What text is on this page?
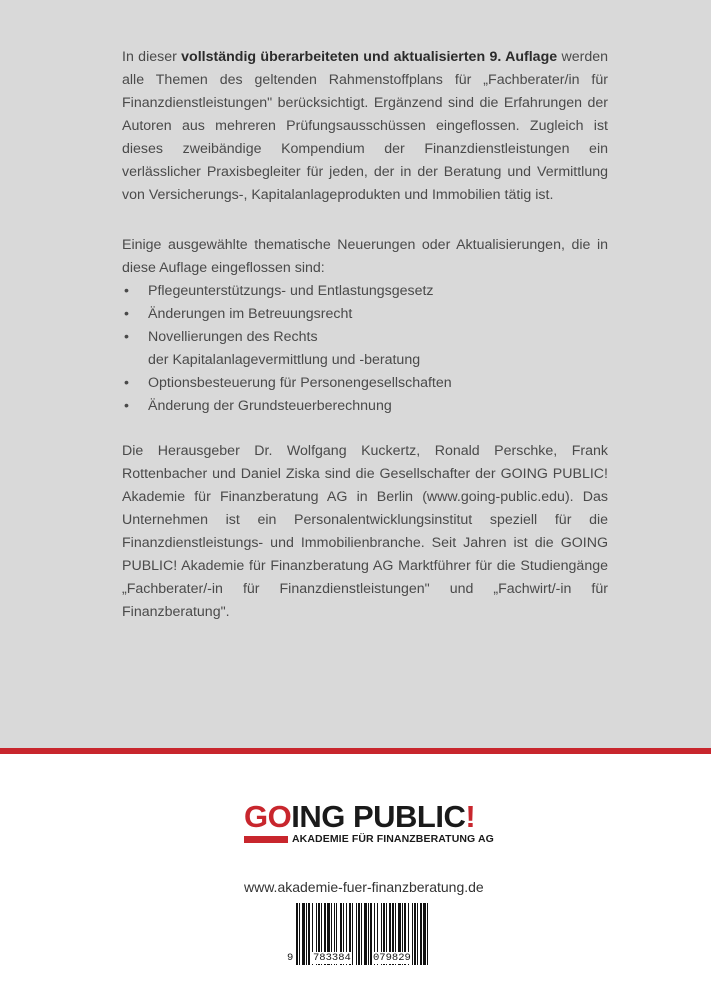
In dieser vollständig überarbeiteten und aktualisierten 9. Auflage werden alle Themen des geltenden Rahmenstoffplans für „Fachberater/in für Finanzdienstleistungen" berücksichtigt. Ergänzend sind die Erfahrungen der Autoren aus mehreren Prüfungsausschüssen eingeflossen. Zugleich ist dieses zweibändige Kompendium der Finanzdienstleistungen ein verlässlicher Praxisbegleiter für jeden, der in der Beratung und Vermittlung von Versicherungs-, Kapitalanlageprodukten und Immobilien tätig ist.
Einige ausgewählte thematische Neuerungen oder Aktualisierungen, die in diese Auflage eingeflossen sind:
• Pflegeunterstützungs- und Entlastungsgesetz
• Änderungen im Betreuungsrecht
• Novellierungen des Rechts
der Kapitalanlagevermittlung und -beratung
• Optionsbesteuerung für Personengesellschaften
• Änderung der Grundsteuerberechnung
Die Herausgeber Dr. Wolfgang Kuckertz, Ronald Perschke, Frank Rottenbacher und Daniel Ziska sind die Gesellschafter der GOING PUBLIC! Akademie für Finanzberatung AG in Berlin (www.going-public.edu). Das Unternehmen ist ein Personalentwicklungsinstitut speziell für die Finanzdienstleistungs- und Immobilienbranche. Seit Jahren ist die GOING PUBLIC! Akademie für Finanzberatung AG Marktführer für die Studiengänge „Fachberater/-in für Finanzdienstleistungen" und „Fachwirt/-in für Finanzberatung".
GOING PUBLIC!
AKADEMIE FÜR FINANZBERATUNG AG
www.akademie-fuer-finanzberatung.de
9 783384 079829
